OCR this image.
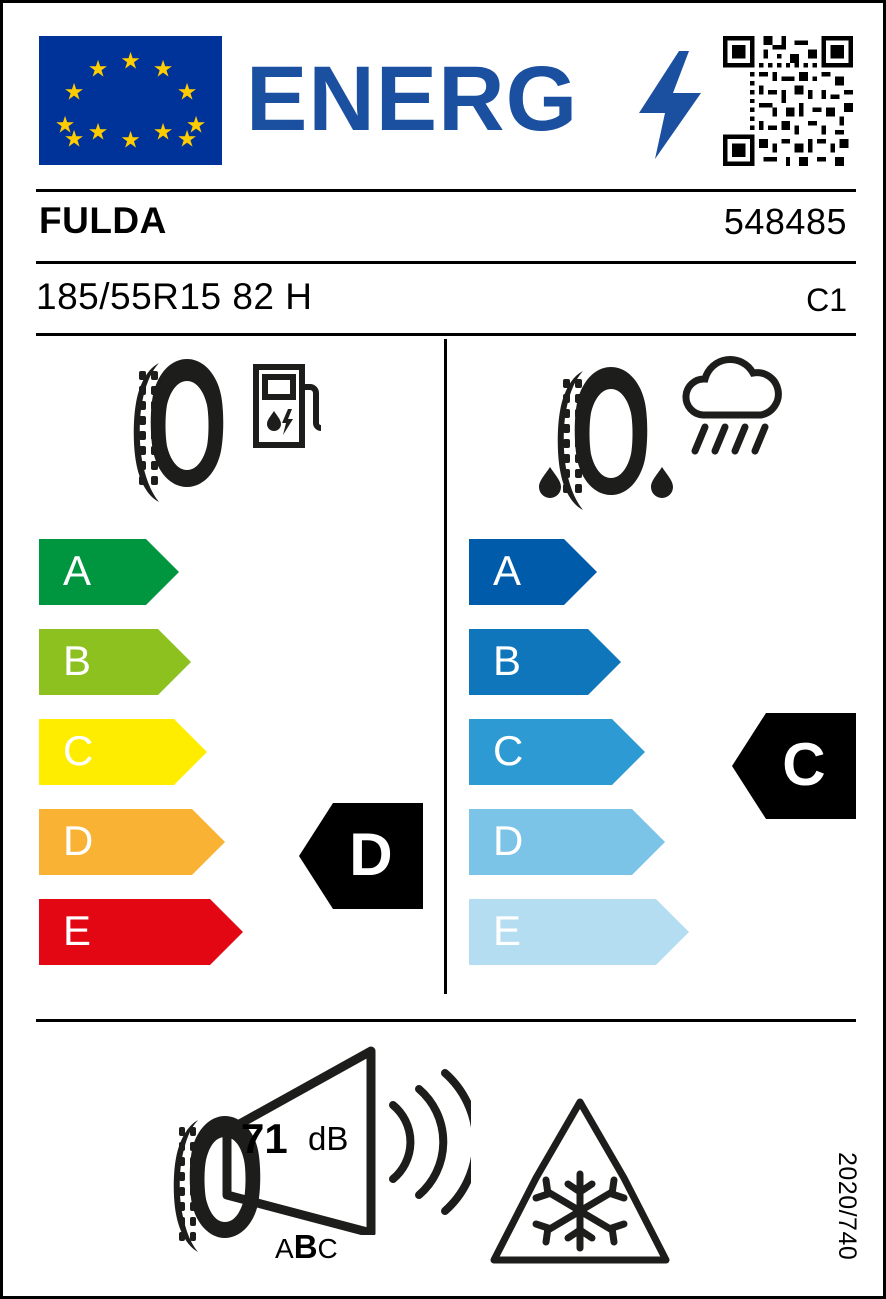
★ ★
★
★
★
★
★
★
★
★
★
★ ENERG
FULDA	548485
185/55R15 82 H	C1
A
B
C
D
E
D
A
B
C
D
E
C
71 dB
ABC	2020/740
